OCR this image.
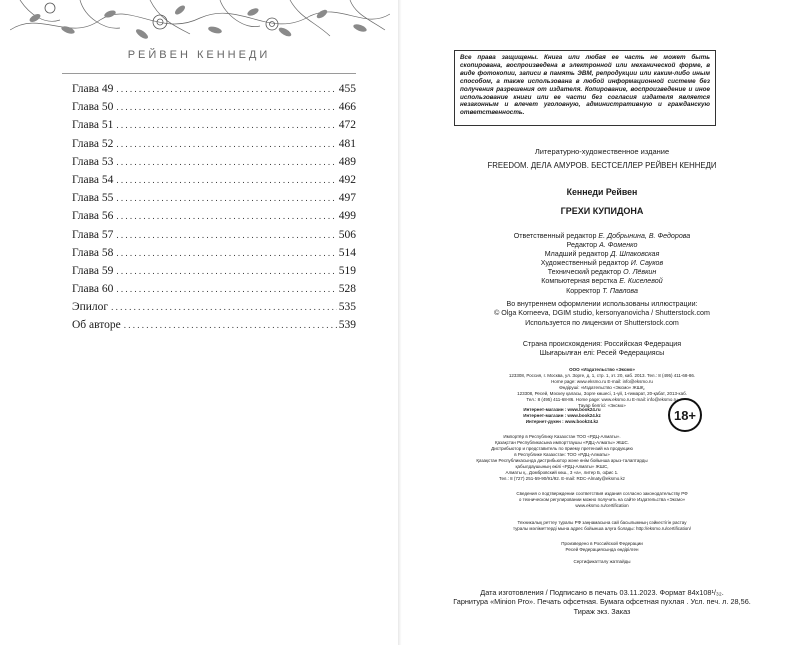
РЕЙВЕН КЕННЕДИ
Глава 49 . . .	455
Глава 50 . . .	466
Глава 51 . . .	472
Глава 52 . . .	481
Глава 53 . . .	489
Глава 54 . . .	492
Глава 55 . . .	497
Глава 56 . . .	499
Глава 57 . . .	506
Глава 58 . . .	514
Глава 59 . . .	519
Глава 60 . . .	528
Эпилог . . .	535
Об авторе . . .	539
Все права защищены. Книга или любая ее часть не может быть скопирована, воспроизведена в электронной или механической форме, в виде фотокопии, записи в память ЭВМ, репродукции или каким-либо иным способом, а также использована в любой информационной системе без получения разрешения от издателя. Копирование, воспроизведение и иное использование книги или ее части без согласия издателя является незаконным и влечет уголовную, административную и гражданскую ответственность.
Литературно-художественное издание
FREEDOM. ДЕЛА АМУРОВ. БЕСТСЕЛЛЕР РЕЙВЕН КЕННЕДИ
Кеннеди Рейвен
ГРЕХИ КУПИДОНА
Ответственный редактор Е. Добрынина, В. Федорова
Редактор А. Фоменко
Младший редактор Д. Шпаковская
Художественный редактор И. Сауков
Технический редактор О. Лёвкин
Компьютерная верстка Е. Киселевой
Корректор Т. Павлова
Во внутреннем оформлении использованы иллюстрации:
© Olga Korneeva, DGIM studio, kersonyanovicha / Shutterstock.com
Используется по лицензии от Shutterstock.com
Страна происхождения: Российская Федерация
Шығарылған елі: Ресей Федерациясы
ООО «Издательство «Эксмо»
123308, Россия, г. Москва, ул. Зорге, д. 1, стр. 1, эт. 20, каб. 2013. Тел.: 8 (495) 411-68-86.
Home page: www.eksmo.ru E-mail: info@eksmo.ru
Өндіруші: «Издательство «Эксмо» ЖШҚ,
123308, Ресей, Мәскеу қаласы, Зорге көшесі, 1-үй, 1-ғимарат, 20-қабат, 2013-каб.
Тел.: 8 (495) 411-68-86. Home page: www.eksmo.ru E-mail: info@eksmo.ru
Тауар белгісі: «Эксмо»
Интернет-магазин : www.book24.ru
Интернет-магазин : www.book24.kz
Интернет-дүкен : www.book24.kz	18+
Импортёр в Республику Казахстан ТОО «РДЦ-Алматы».
Қазақстан Республикасына импорттаушы «РДЦ-Алматы» ЖШС.
Дистрибьютор и представитель по приему претензий на продукцию
в Республике Казахстан: ТОО «РДЦ-Алматы»
Қазақстан Республикасында дистрибьютор және өнім бойынша арыз-талаптарды
қабылдаушының өкілі «РДЦ-Алматы» ЖШС,
Алматы қ., Домбровский көш., 3 «а», литер Б, офис 1.
Тел.: 8 (727) 251-59-90/91/92. E-mail: RDC-Almaty@eksmo.kz
Сведения о подтверждении соответствия издания согласно законодательству РФ
о техническом регулировании можно получить на сайте Издательства «Эксмо»
www.eksmo.ru/certification
Техникалық реттеу туралы РФ заңнамасына сай басылымның сәйкестігін растау
туралы мәліметтерді мына адрес бойынша алуға болады: http://eksmo.ru/certification/
Произведено в Российской Федерации
Ресей Федерациясында өндірілген

Сертификатталу жатпайды
Дата изготовления / Подписано в печать 03.11.2023. Формат 84x108¹/₃₂.
Гарнитура «Minion Pro». Печать офсетная. Бумага офсетная пухлая . Усл. печ. л. 28,56.
Тираж экз. Заказ
